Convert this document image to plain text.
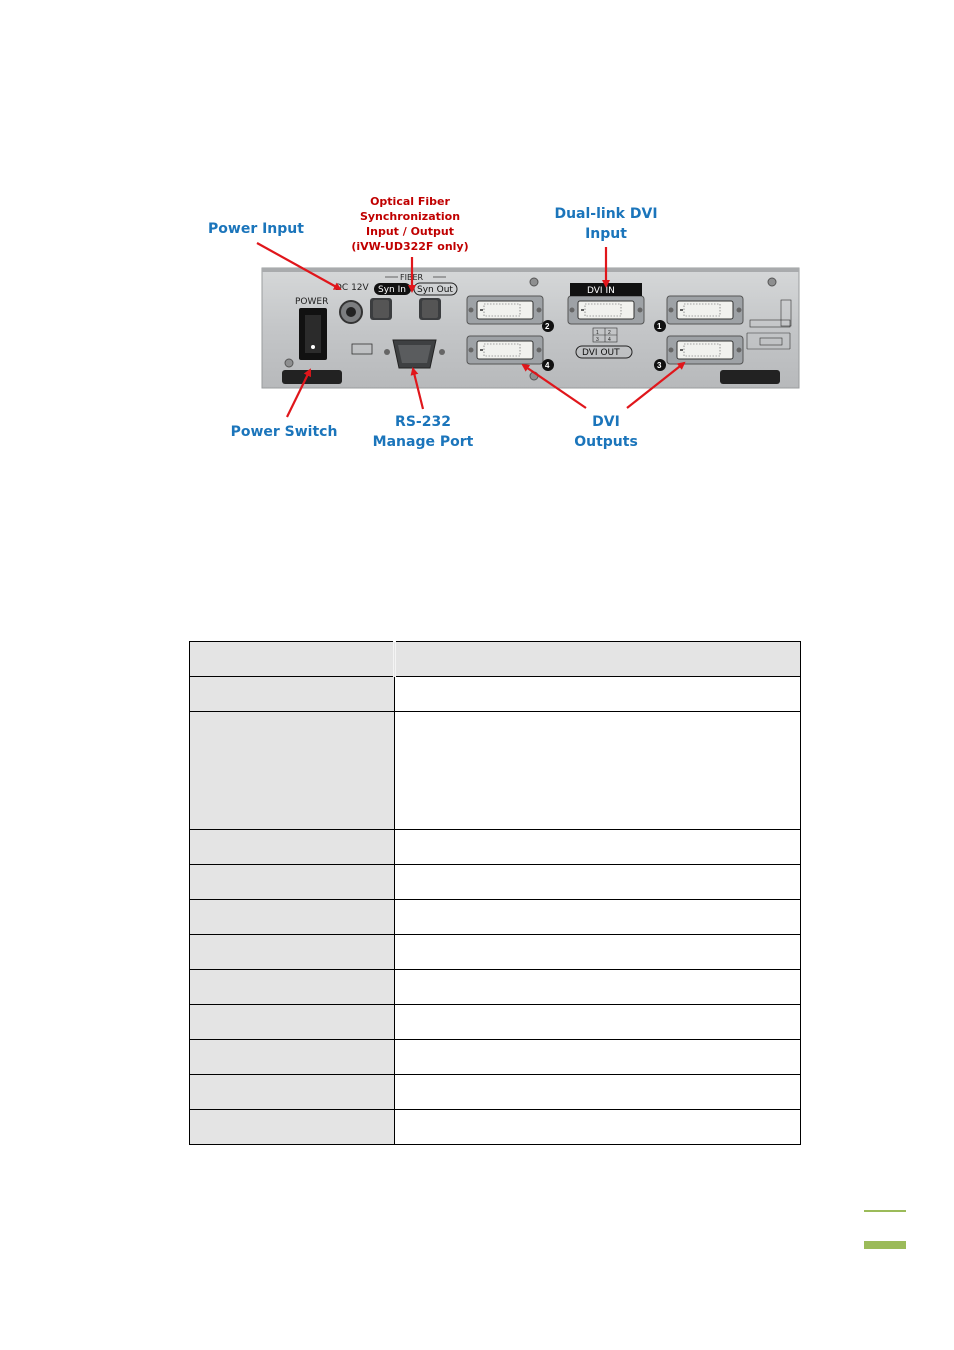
POWER
DC 12V
FIBER
Syn In Syn Out	DVI IN
DVI OUT
1 2
3 4
2
4
1
3
Power Input
Optical Fiber
Synchronization
Input / Output
(iVW-UD322F only)
Dual-link DVI
Input
Power Switch
RS-232
Manage Port
DVI
Outputs
